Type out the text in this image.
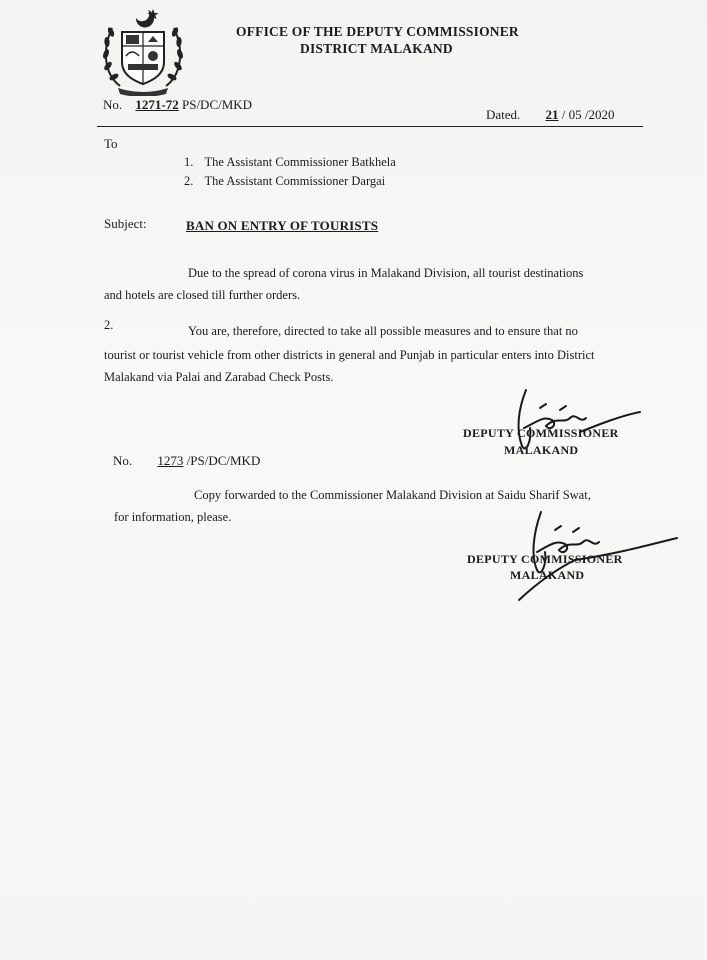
OFFICE OF THE DEPUTY COMMISSIONER
DISTRICT MALAKAND
No. 1271-72 PS/DC/MKD
Dated. 21 / 05 /2020
To
1. The Assistant Commissioner Batkhela
2. The Assistant Commissioner Dargai
Subject:	BAN ON ENTRY OF TOURISTS
Due to the spread of corona virus in Malakand Division, all tourist destinations
and hotels are closed till further orders.
2.	You are, therefore, directed to take all possible measures and to ensure that no
tourist or tourist vehicle from other districts in general and Punjab in particular enters into District
Malakand via Palai and Zarabad Check Posts.
DEPUTY COMMISSIONER
MALAKAND
No. 1273 /PS/DC/MKD
Copy forwarded to the Commissioner Malakand Division at Saidu Sharif Swat,
for information, please.
DEPUTY COMMISSIONER
MALAKAND
